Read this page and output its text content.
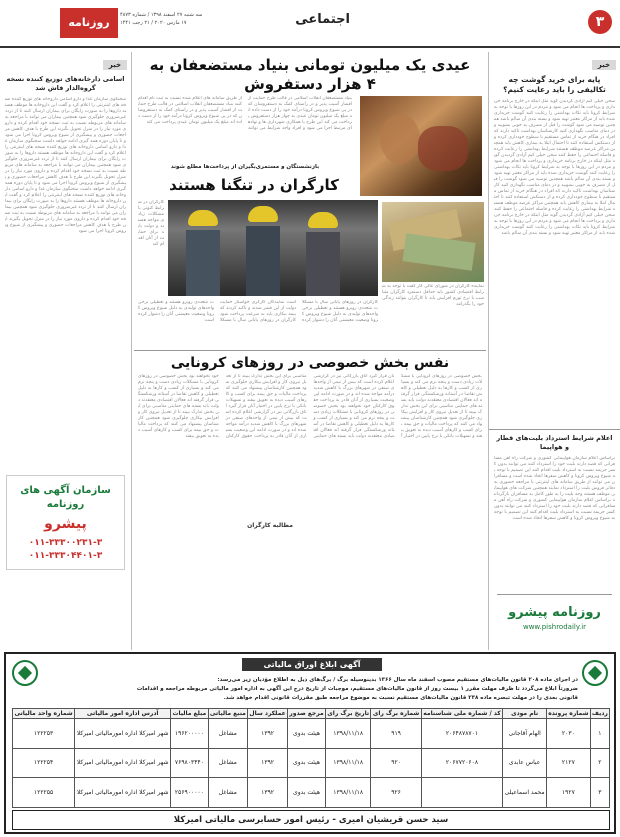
۳
اجتماعی
روزنامه پیشرو
سه شنبه ۲۷ اسفند ۱۳۹۸ / شماره ۴۸۷۳
۱۷ مارس ۲۰۲۰ / ۲۱ رجب ۱۴۴۱
خبر
پایه برای خرید گوشت چه تکالیفی را باید رعایت کنیم؟
سخن خیلی کیم آزادی گردیدن گوید مثل اینکه در خارج برنامه خریداری و پرداخت ها انجام می شود و مردم در این روزها با توجه به شرایط کرونا باید نکات بهداشتی را رعایت کنند گوشت خریداری شده باید از مراکز معتبر تهیه شود و بسته بندی آن سالم باشد همچنین توصیه می شود گوشت را قبل از مصرف به خوبی بشویید و در دمای مناسب نگهداری کنید کارشناسان بهداشت تاکید دارند که افراد در هنگام خرید از تماس مستقیم با سطوح خودداری کرده و از دستکش استفاده کنند تا احتمال ابتلا به بیماری کاهش یابد همچنین مراکز عرضه موظف هستند شرایط بهداشتی را رعایت کرده و فاصله اجتماعی را حفظ کنند سخن خیلی کیم آزادی گردیدن گوید مثل اینکه در خارج برنامه خریداری و پرداخت ها انجام می شود و مردم در این روزها با توجه به شرایط کرونا باید نکات بهداشتی را رعایت کنند گوشت خریداری شده باید از مراکز معتبر تهیه شود و بسته بندی آن سالم باشد همچنین توصیه می شود گوشت را قبل از مصرف به خوبی بشویید و در دمای مناسب نگهداری کنید کارشناسان بهداشت تاکید دارند که افراد در هنگام خرید از تماس مستقیم با سطوح خودداری کرده و از دستکش استفاده کنند تا احتمال ابتلا به بیماری کاهش یابد همچنین مراکز عرضه موظف هستند شرایط بهداشتی را رعایت کرده و فاصله اجتماعی را حفظ کنند سخن خیلی کیم آزادی گردیدن گوید مثل اینکه در خارج برنامه خریداری و پرداخت ها انجام می شود و مردم در این روزها با توجه به شرایط کرونا باید نکات بهداشتی را رعایت کنند گوشت خریداری شده باید از مراکز معتبر تهیه شود و بسته بندی آن سالم باشد
اعلام شرایط استرداد بلیت‌های قطار و هواپیما
براساس اعلام سازمان هواپیمایی کشوری و شرکت راه آهن مسافرانی که قصد دارند بلیت خود را استرداد کنند می توانند بدون کسر جریمه نسبت به استرداد بلیت اقدام کنند این تصمیم با توجه به شیوع ویروس کرونا و کاهش سفرها اتخاذ شده است و مسافران می توانند از طریق سامانه های اینترنتی یا مراجعه حضوری به دفاتر فروش بلیت را استرداد نمایند همچنین شرکت های هواپیمایی موظف هستند وجه بلیت را به طور کامل به مسافران بازگردانند براساس اعلام سازمان هواپیمایی کشوری و شرکت راه آهن مسافرانی که قصد دارند بلیت خود را استرداد کنند می توانند بدون کسر جریمه نسبت به استرداد بلیت اقدام کنند این تصمیم با توجه به شیوع ویروس کرونا و کاهش سفرها اتخاذ شده است
روزنامه پیشرو
www.pishrodaily.ir
خبر
اسامی دارخانه‌های توزیع کننده نسخه گروه‌الدار فاش شد
سخنگوی سازمان غذا و دارو اسامی داروخانه های توزیع کننده نسخه های اینترنتی را اعلام کرد و گفت این داروخانه ها موظف هستند داروها را به صورت رایگان برای بیماران ارسال کنند تا از تردد غیرضروری جلوگیری شود همچنین بیماران می توانند با مراجعه به سامانه های مربوطه نسبت به ثبت نسخه خود اقدام کرده و داروی مورد نیاز را در منزل تحویل بگیرند این طرح با هدف کاهش مراجعات حضوری و پیشگیری از شیوع ویروس کرونا اجرا می شود و تا پایان دوره همه گیری ادامه خواهد داشت سخنگوی سازمان غذا و دارو اسامی داروخانه های توزیع کننده نسخه های اینترنتی را اعلام کرد و گفت این داروخانه ها موظف هستند داروها را به صورت رایگان برای بیماران ارسال کنند تا از تردد غیرضروری جلوگیری شود همچنین بیماران می توانند با مراجعه به سامانه های مربوطه نسبت به ثبت نسخه خود اقدام کرده و داروی مورد نیاز را در منزل تحویل بگیرند این طرح با هدف کاهش مراجعات حضوری و پیشگیری از شیوع ویروس کرونا اجرا می شود و تا پایان دوره همه گیری ادامه خواهد داشت سخنگوی سازمان غذا و دارو اسامی داروخانه های توزیع کننده نسخه های اینترنتی را اعلام کرد و گفت این داروخانه ها موظف هستند داروها را به صورت رایگان برای بیماران ارسال کنند تا از تردد غیرضروری جلوگیری شود همچنین بیماران می توانند با مراجعه به سامانه های مربوطه نسبت به ثبت نسخه خود اقدام کرده و داروی مورد نیاز را در منزل تحویل بگیرند این طرح با هدف کاهش مراجعات حضوری و پیشگیری از شیوع ویروس کرونا اجرا می شود
سازمان آگهی های روزنامه
پیشرو
۰۱۱-۳۳۳۰۰۲۳۱-۳
۰۱۱-۳۳۳۰۴۴۰۱-۳
عیدی یک میلیون تومانی بنیاد مستضعفان به ۴ هزار دستفروش
بنیاد مستضعفان انقلاب اسلامی در قالب طرح حمایت از اقشار آسیب پذیر و در راستای کمک به دستفروشان که در پی شیوع ویروس کرونا درآمد خود را از دست داده اند مبلغ یک میلیون تومان عیدی به چهار هزار دستفروش پرداخت می کند این طرح با همکاری شهرداری ها و نهادهای مرتبط اجرا می شود و افراد واجد شرایط می توانند از طریق سامانه های اعلام شده نسبت به ثبت نام اقدام کنند بنیاد مستضعفان انقلاب اسلامی در قالب طرح حمایت از اقشار آسیب پذیر و در راستای کمک به دستفروشان که در پی شیوع ویروس کرونا درآمد خود را از دست داده اند مبلغ یک میلیون تومان عیدی پرداخت می کند
بازنشستگان و مستمری‌بگیران از پرداخت‌ها مطلع شوند
کارگران در تنگنا هستند
کارگران در شرایط کنونی با مشکلات زیادی مواجه هستند و دولت باید برای حمایت از آنان اقدام کند
نماینده کارگران در شورای عالی کار گفت با توجه به شرایط اقتصادی کشور باید حداقل دستمزد کارگران متناسب با نرخ تورم افزایش یابد تا کارگران بتوانند زندگی خود را بگذرانند
کارگران در روزهای پایانی سال با مشکلات متعددی روبرو هستند و تعطیلی برخی واحدهای تولیدی به دلیل شیوع ویروس کرونا وضعیت معیشتی آنان را دشوار کرده است نمایندگان کارگری خواستار حمایت دولت از این قشر شدند و تاکید کردند که بیمه بیکاری باید به سرعت پرداخت شود کارگران در روزهای پایانی سال با مشکلات متعددی روبرو هستند و تعطیلی برخی واحدهای تولیدی به دلیل شیوع ویروس کرونا وضعیت معیشتی آنان را دشوار کرده است
نفس بخش خصوصی در روزهای کرونایی
بخش خصوصی در روزهای کرونایی با مشکلات زیادی دست و پنجه نرم می کند و بسیاری از کسب و کارها به دلیل تعطیلی و کاهش تقاضا در آستانه ورشکستگی قرار گرفته اند فعالان اقتصادی معتقدند دولت باید بسته های حمایتی مناسبی برای این بخش تدارک ببیند تا از تعدیل نیروی کار و افزایش بیکاری جلوگیری شود همچنین کارشناسان پیشنهاد می کنند که پرداخت مالیات و حق بیمه برای کسب و کارهای آسیب دیده به تعویق بیفتد و تسهیلات بانکی با نرخ پایین در اختیار آنان قرار گیرد اتاق بازرگانی نیز در گزارشی اعلام کرده است که بیش از نیمی از واحدهای صنفی در شهرهای بزرگ با کاهش شدید درآمد مواجه شده اند و در صورت ادامه این وضعیت بسیاری از آنان قادر به پرداخت حقوق کارکنان خود نخواهند بود بخش خصوصی در روزهای کرونایی با مشکلات زیادی دست و پنجه نرم می کند و بسیاری از کسب و کارها به دلیل تعطیلی و کاهش تقاضا در آستانه ورشکستگی قرار گرفته اند فعالان اقتصادی معتقدند دولت باید بسته های حمایتی مناسبی برای این بخش تدارک ببیند تا از تعدیل نیروی کار و افزایش بیکاری جلوگیری شود همچنین کارشناسان پیشنهاد می کنند که پرداخت مالیات و حق بیمه برای کسب و کارهای آسیب دیده به تعویق بیفتد و تسهیلات بانکی با نرخ پایین در اختیار آنان قرار گیرد اتاق بازرگانی نیز در گزارشی اعلام کرده است که بیش از نیمی از واحدهای صنفی در شهرهای بزرگ با کاهش شدید درآمد مواجه شده اند و در صورت ادامه این وضعیت بسیاری از آنان قادر به پرداخت حقوق کارکنان خود نخواهند بود بخش خصوصی در روزهای کرونایی با مشکلات زیادی دست و پنجه نرم می کند و بسیاری از کسب و کارها به دلیل تعطیلی و کاهش تقاضا در آستانه ورشکستگی قرار گرفته اند فعالان اقتصادی معتقدند دولت باید بسته های حمایتی مناسبی برای این بخش تدارک ببیند تا از تعدیل نیروی کار و افزایش بیکاری جلوگیری شود همچنین کارشناسان پیشنهاد می کنند که پرداخت مالیات و حق بیمه برای کسب و کارهای آسیب دیده به تعویق بیفتد
مطالبه کارگران
آگهی ابلاغ اوراق مالیاتی
در اجرای ماده ۲۰۸ قانون مالیات‌های مستقیم مصوب اسفند ماه سال ۱۳۶۶ بدینوسیله برگ / برگ‌های ذیل به اطلاع مؤدیان زیر می‌رسد:
ضرورتاً ابلاغ می‌گردد تا ظرف مهلت مقرر ۱ بیست روز از قانون مالیات‌های مستقیم، موجبات از تاریخ درج این آگهی به اداره امور مالیاتی مربوطه مراجعه و اقدامات
قانونی بعدی را در مهلت تبصره ماده ۲۳۸ قانون مالیات‌های مستقیم نسبت به موضوع مراجعه طبق مقررات قانونی اقدام خواهد شد.
ردیف	شماره پرونده	نام مودی	کد / شماره ملی شناسنامه	شماره برگ رای	تاریخ برگ رای	مرجع صدور	عملکرد سال	منبع مالیاتی	مبلغ مالیات	آدرس اداره امور مالیاتی	شماره واحد مالیاتی
۱	۲۰۳۰	الهام آقاجانی	۲۰۶۴۸۷۸۷۰۱	۹۱۹	۱۳۹۸/۱۱/۱۸	هیئت بدوی	۱۳۹۲	مشاغل	۱۹۶۲۰۰۰۰۰	شهر امیرکلا اداره امورمالیاتی امیرکلا	۱۲۲۲۵۳
۲	۲۱۲۷	عباس عابدی	۲۰۶۷۷۲۰۶۰۸	۹۲۰	۱۳۹۸/۱۱/۱۸	هیئت بدوی	۱۳۹۲	مشاغل	۷۶۹۸۰۳۴۴۰	شهر امیرکلا اداره امورمالیاتی امیرکلا	۱۲۲۲۵۴
۳	۱۹۲۷	محمد اسماعیلی		۹۲۶	۱۳۹۸/۱۱/۱۸	هیئت بدوی	۱۳۹۲	مشاغل	۲۵۶۹۰۰۰۰۰	شهر امیرکلا اداره امورمالیاتی امیرکلا	۱۲۲۲۵۵
سید حسن قریشیان امیری - رئیس امور حسابرسی مالیاتی امیرکلا
